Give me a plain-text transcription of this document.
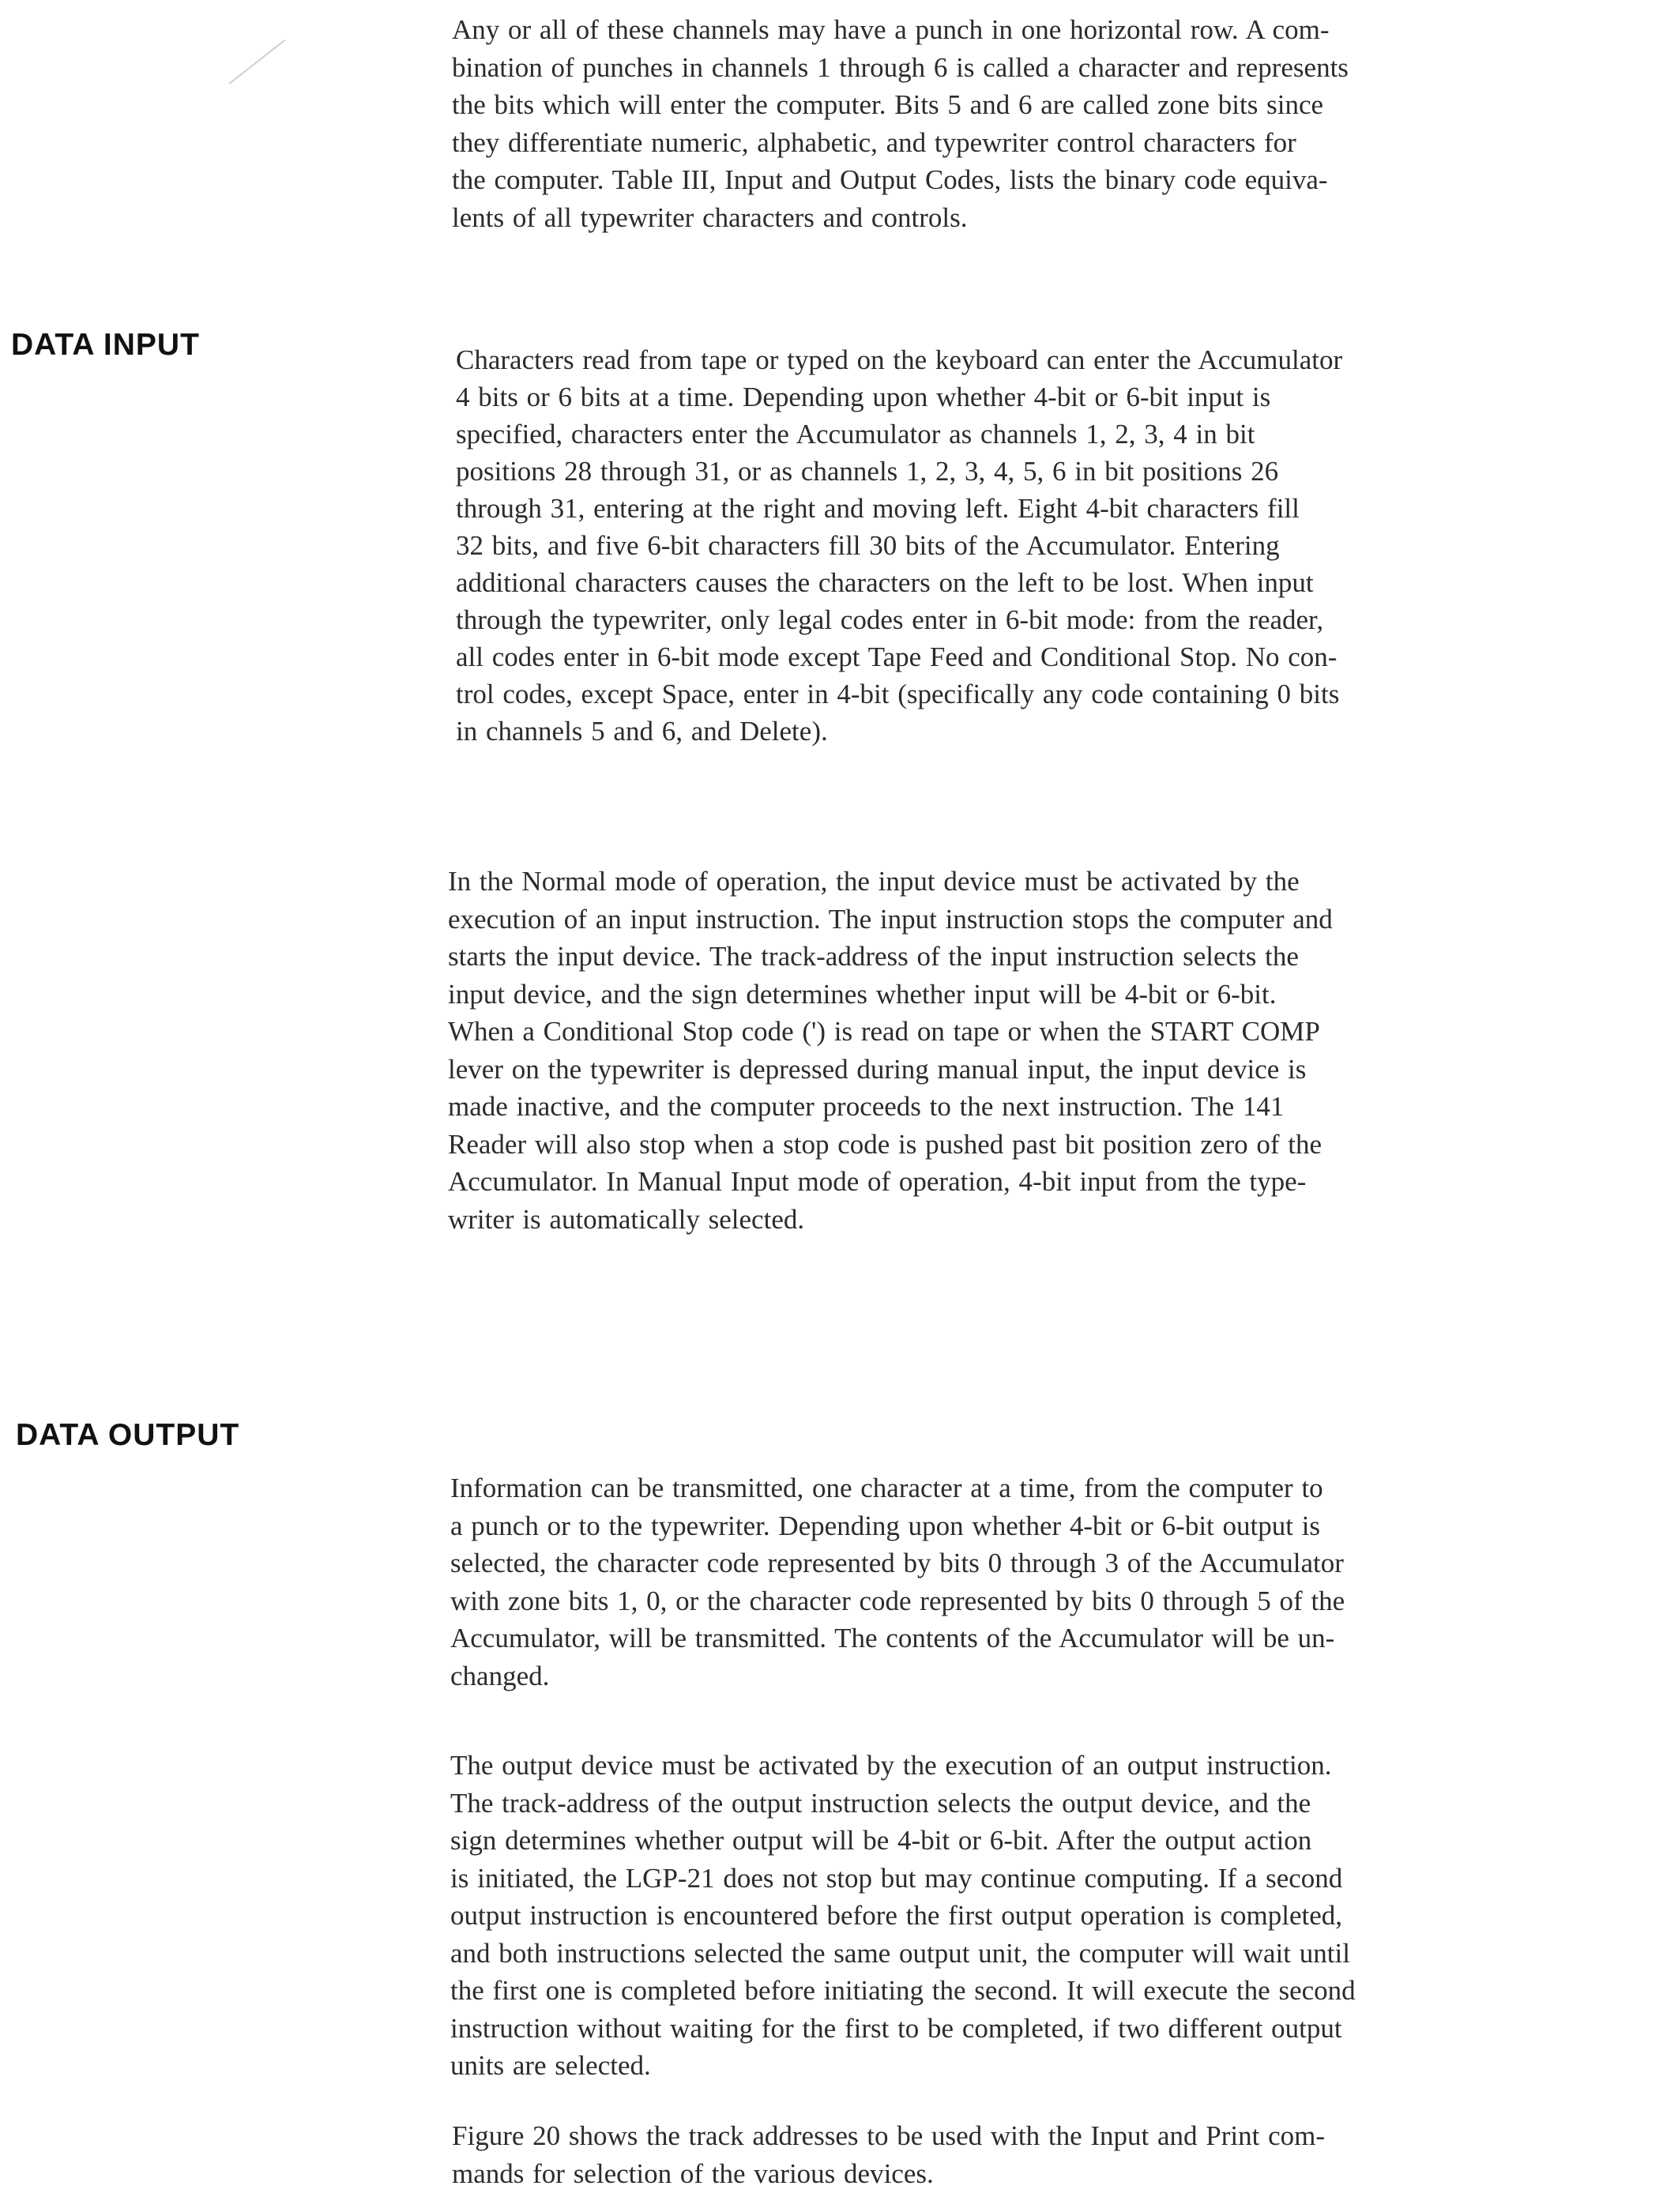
Any or all of these channels may have a punch in one horizontal row. A com-
bination of punches in channels 1 through 6 is called a character and represents
the bits which will enter the computer. Bits 5 and 6 are called zone bits since
they differentiate numeric, alphabetic, and typewriter control characters for
the computer. Table III, Input and Output Codes, lists the binary code equiva-
lents of all typewriter characters and controls.

DATA INPUT	Characters read from tape or typed on the keyboard can enter the Accumulator
4 bits or 6 bits at a time. Depending upon whether 4-bit or 6-bit input is
specified, characters enter the Accumulator as channels 1, 2, 3, 4 in bit
positions 28 through 31, or as channels 1, 2, 3, 4, 5, 6 in bit positions 26
through 31, entering at the right and moving left. Eight 4-bit characters fill
32 bits, and five 6-bit characters fill 30 bits of the Accumulator. Entering
additional characters causes the characters on the left to be lost. When input
through the typewriter, only legal codes enter in 6-bit mode: from the reader,
all codes enter in 6-bit mode except Tape Feed and Conditional Stop. No con-
trol codes, except Space, enter in 4-bit (specifically any code containing 0 bits
in channels 5 and 6, and Delete).

In the Normal mode of operation, the input device must be activated by the
execution of an input instruction. The input instruction stops the computer and
starts the input device. The track-address of the input instruction selects the
input device, and the sign determines whether input will be 4-bit or 6-bit.
When a Conditional Stop code (') is read on tape or when the START COMP
lever on the typewriter is depressed during manual input, the input device is
made inactive, and the computer proceeds to the next instruction. The 141
Reader will also stop when a stop code is pushed past bit position zero of the
Accumulator. In Manual Input mode of operation, 4-bit input from the type-
writer is automatically selected.

DATA OUTPUT

Information can be transmitted, one character at a time, from the computer to
a punch or to the typewriter. Depending upon whether 4-bit or 6-bit output is
selected, the character code represented by bits 0 through 3 of the Accumulator
with zone bits 1, 0, or the character code represented by bits 0 through 5 of the
Accumulator, will be transmitted. The contents of the Accumulator will be un-
changed.

The output device must be activated by the execution of an output instruction.
The track-address of the output instruction selects the output device, and the
sign determines whether output will be 4-bit or 6-bit. After the output action
is initiated, the LGP-21 does not stop but may continue computing. If a second
output instruction is encountered before the first output operation is completed,
and both instructions selected the same output unit, the computer will wait until
the first one is completed before initiating the second. It will execute the second
instruction without waiting for the first to be completed, if two different output
units are selected.

Figure 20 shows the track addresses to be used with the Input and Print com-
mands for selection of the various devices.
